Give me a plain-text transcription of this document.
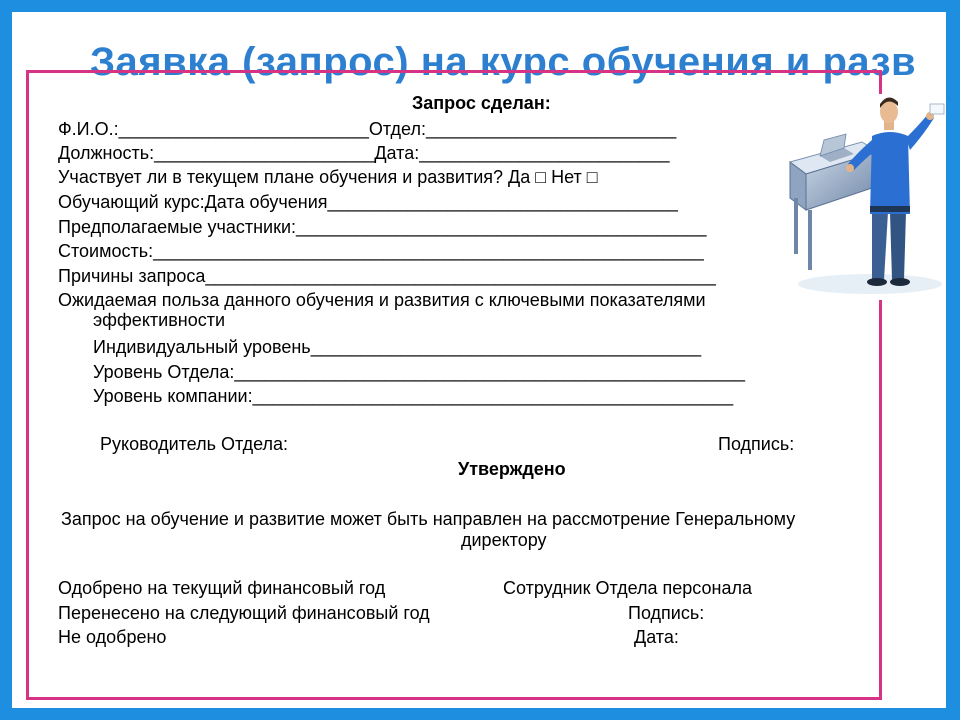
Заявка (запрос) на курс обучения и разв
Запрос сделан:
Ф.И.О.:_________________________Отдел:_________________________
Должность:______________________Дата:_________________________
Участвует ли в текущем плане обучения и развития? Да □ Нет □
Обучающий курс:Дата обучения___________________________________
Предполагаемые участники:_________________________________________
Стоимость:_______________________________________________________
Причины запроса___________________________________________________
Ожидаемая польза данного обучения и развития с ключевыми показателями
эффективности
Индивидуальный уровень_______________________________________
Уровень Отдела:___________________________________________________
Уровень компании:________________________________________________
Руководитель Отдела:	Подпись:
Утверждено
Запрос на обучение и развитие может быть направлен на рассмотрение Генеральному
директору
Одобрено на текущий финансовый год	Сотрудник Отдела персонала
Перенесено на следующий финансовый год	Подпись:
Не одобрено	Дата:
